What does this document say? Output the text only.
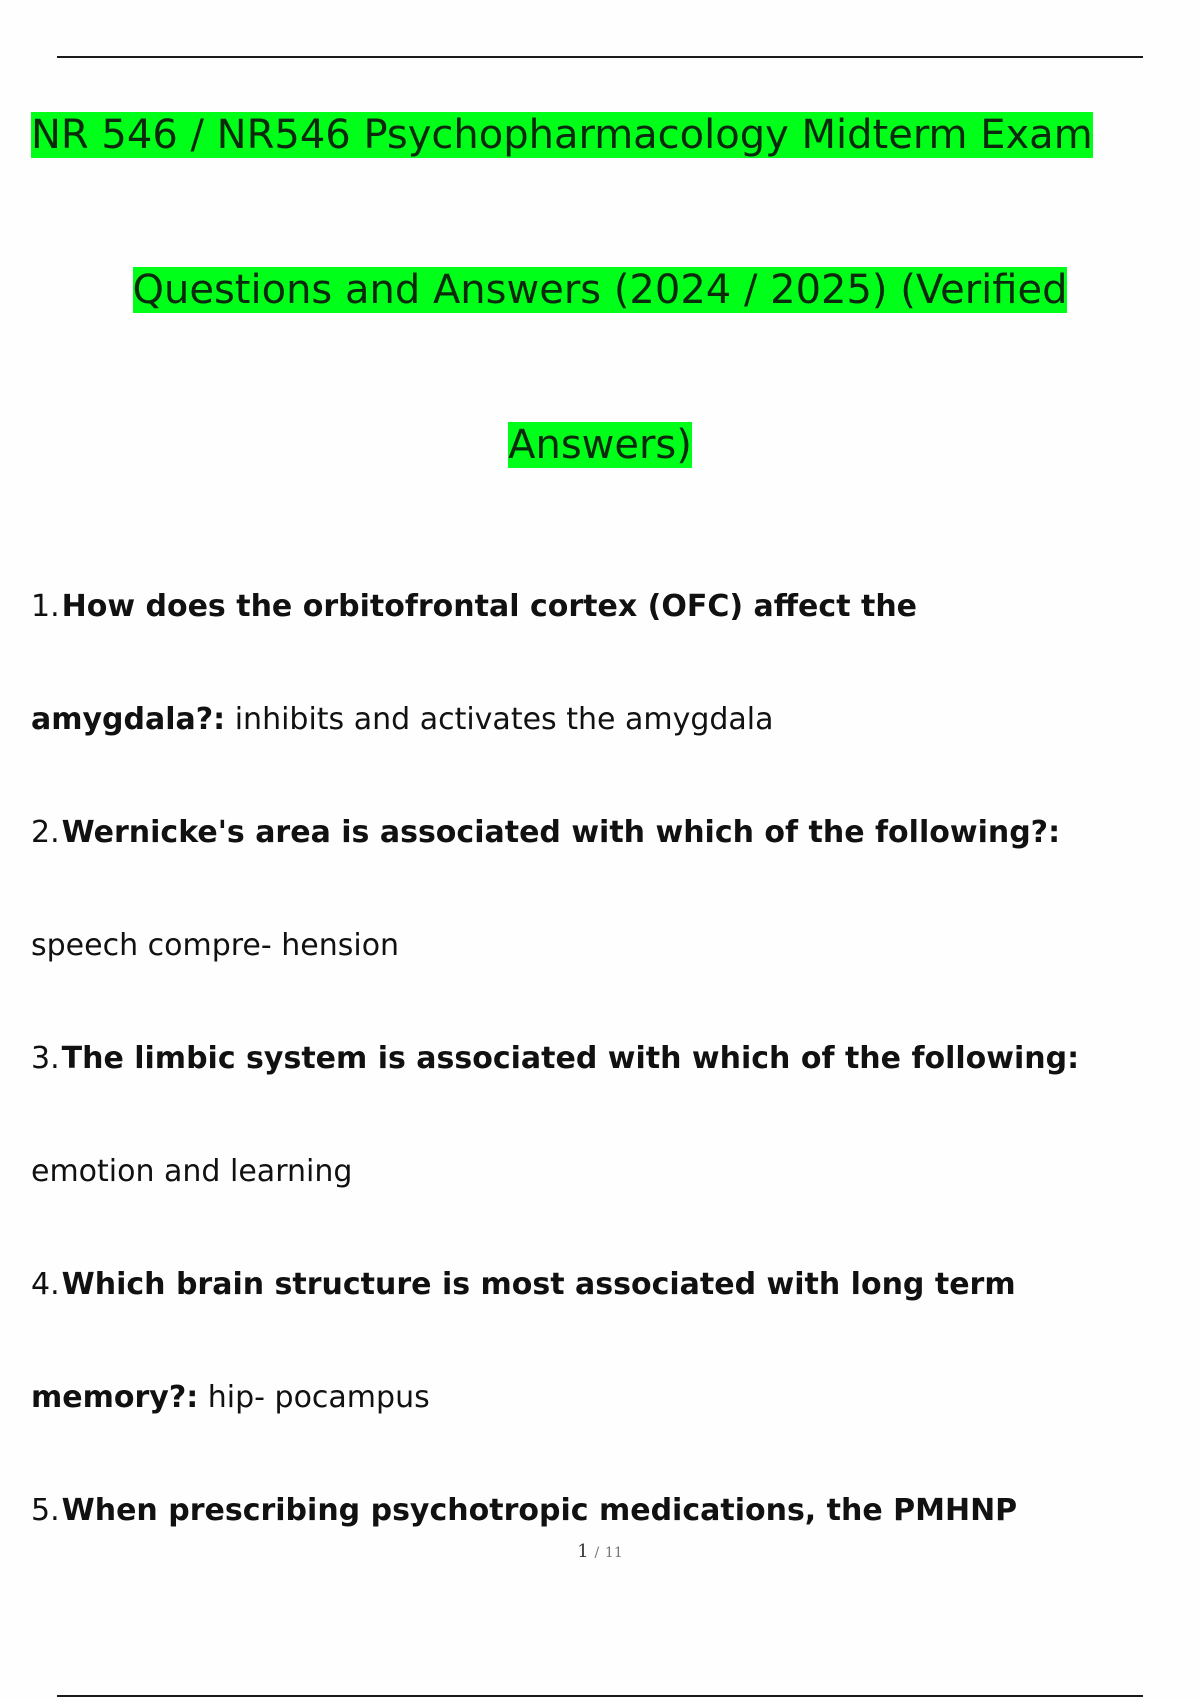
NR 546 / NR546 Psychopharmacology Midterm Exam
Questions and Answers (2024 / 2025) (Verified
Answers)
1.How does the orbitofrontal cortex (OFC) affect the
amygdala?: inhibits and activates the amygdala
2.Wernicke's area is associated with which of the following?:
speech compre- hension
3.The limbic system is associated with which of the following:
emotion and learning
4.Which brain structure is most associated with long term
memory?: hip- pocampus
5.When prescribing psychotropic medications, the PMHNP
1 / 11
